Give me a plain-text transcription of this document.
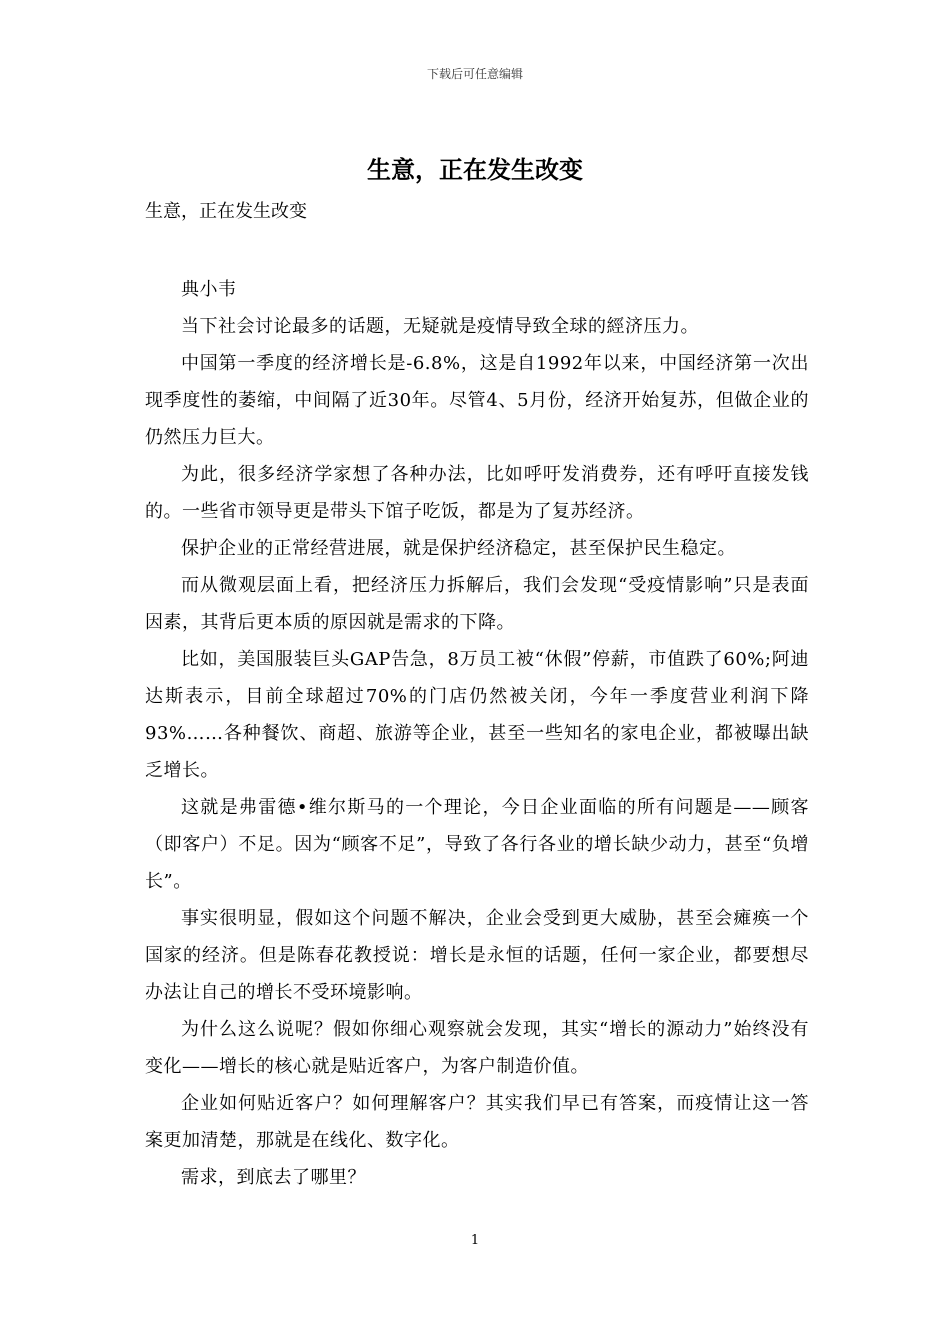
下载后可任意编辑
生意，正在发生改变

生意，正在发生改变

典小韦

当下社会讨论最多的话题，无疑就是疫情导致全球的經济压力。

中国第一季度的经济增长是-6.8%，这是自1992年以来，中国经济第一次出现季度性的萎缩，中间隔了近30年。尽管4、5月份，经济开始复苏，但做企业的仍然压力巨大。

为此，很多经济学家想了各种办法，比如呼吁发消费券，还有呼吁直接发钱的。一些省市领导更是带头下馆子吃饭，都是为了复苏经济。

保护企业的正常经营进展，就是保护经济稳定，甚至保护民生稳定。

而从微观层面上看，把经济压力拆解后，我们会发现“受疫情影响”只是表面因素，其背后更本质的原因就是需求的下降。

比如，美国服装巨头GAP告急，8万员工被“休假”停薪，市值跌了60%;阿迪达斯表示，目前全球超过70%的门店仍然被关闭，今年一季度营业利润下降93%……各种餐饮、商超、旅游等企业，甚至一些知名的家电企业，都被曝出缺乏增长。

这就是弗雷德•维尔斯马的一个理论，今日企业面临的所有问题是——顾客（即客户）不足。因为“顾客不足”，导致了各行各业的增长缺少动力，甚至“负增长”。

事实很明显，假如这个问题不解决，企业会受到更大威胁，甚至会瘫痪一个国家的经济。但是陈春花教授说：增长是永恒的话题，任何一家企业，都要想尽办法让自己的增长不受环境影响。

为什么这么说呢？假如你细心观察就会发现，其实“增长的源动力”始终没有变化——增长的核心就是贴近客户，为客户制造价值。

企业如何贴近客户？如何理解客户？其实我们早已有答案，而疫情让这一答案更加清楚，那就是在线化、数字化。

需求，到底去了哪里？

1
